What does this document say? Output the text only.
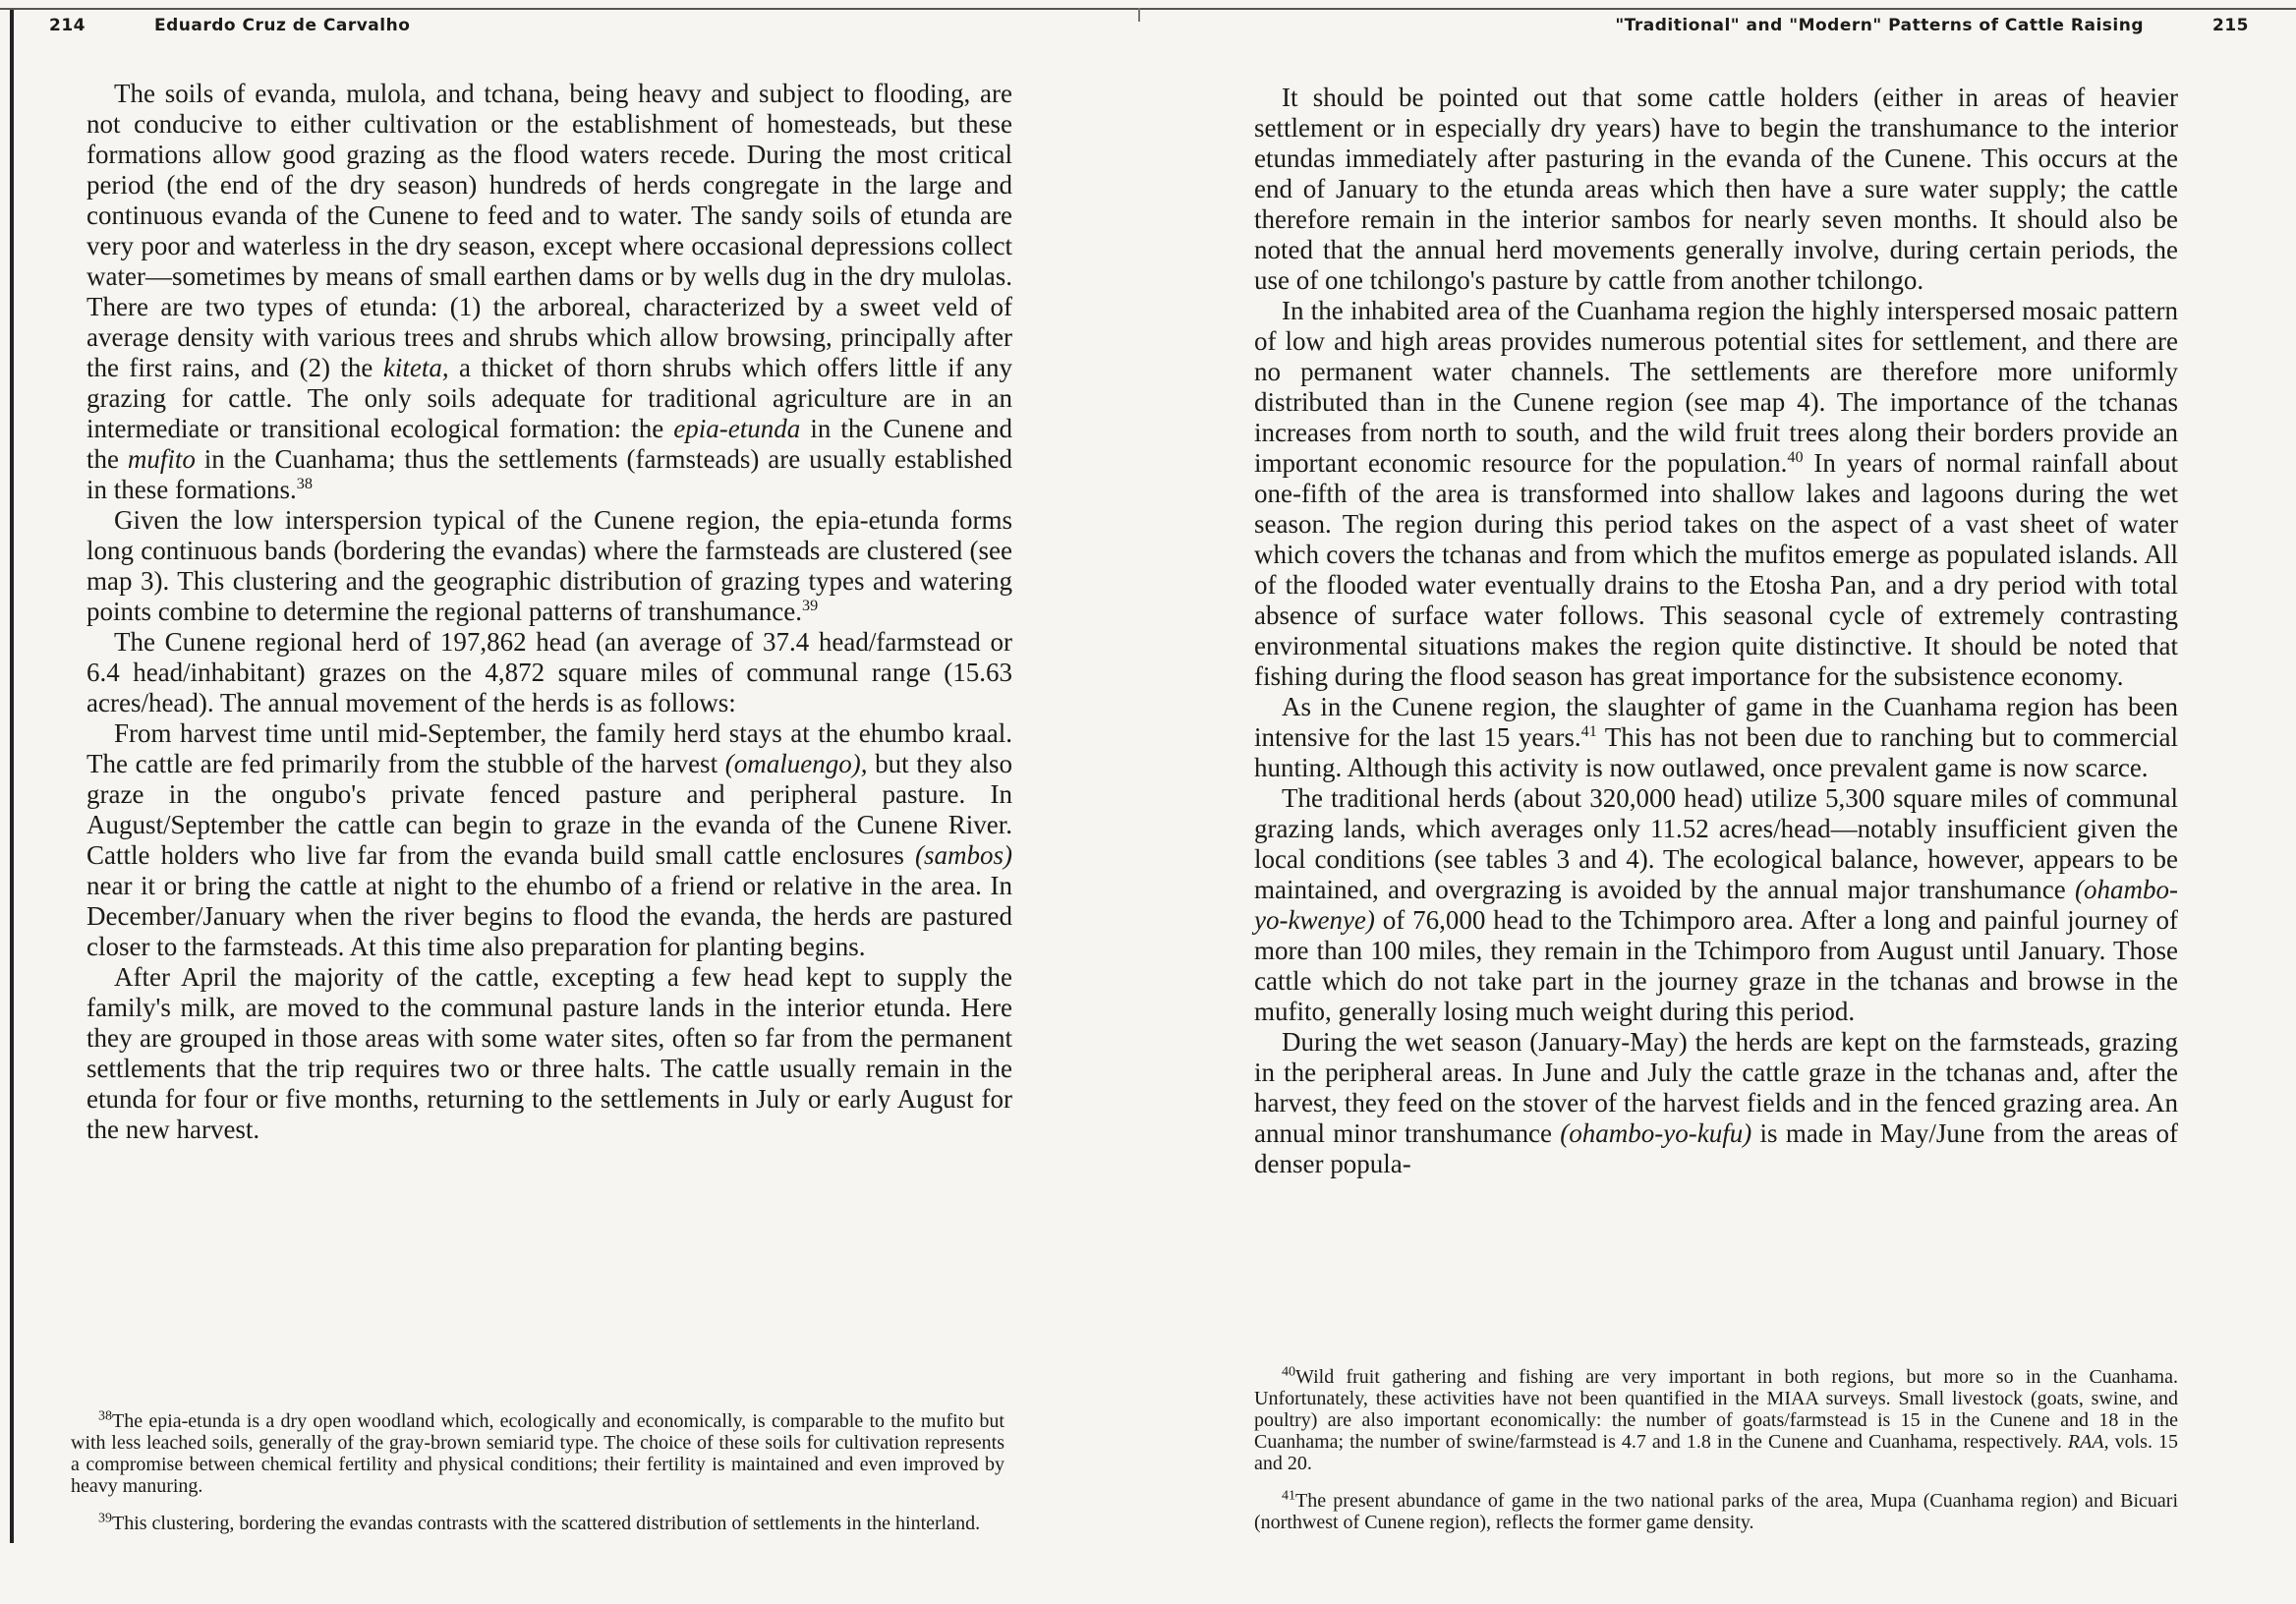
214	Eduardo Cruz de Carvalho

The soils of evanda, mulola, and tchana, being heavy and subject to flooding, are not conducive to either cultivation or the establishment of homesteads, but these formations allow good grazing as the flood waters recede. During the most critical period (the end of the dry season) hundreds of herds congregate in the large and continuous evanda of the Cunene to feed and to water. The sandy soils of etunda are very poor and waterless in the dry season, except where occasional depressions collect water—sometimes by means of small earthen dams or by wells dug in the dry mulolas. There are two types of etunda: (1) the arboreal, characterized by a sweet veld of average density with various trees and shrubs which allow browsing, principally after the first rains, and (2) the kiteta, a thicket of thorn shrubs which offers little if any grazing for cattle. The only soils adequate for traditional agriculture are in an intermediate or transitional ecological formation: the epia-etunda in the Cunene and the mufito in the Cuanhama; thus the settlements (farmsteads) are usually established in these formations.$^{38}$

Given the low interspersion typical of the Cunene region, the epia-etunda forms long continuous bands (bordering the evandas) where the farmsteads are clustered (see map 3). This clustering and the geographic distribution of grazing types and watering points combine to determine the regional patterns of transhumance.$^{39}$

The Cunene regional herd of 197,862 head (an average of 37.4 head/farmstead or 6.4 head/inhabitant) grazes on the 4,872 square miles of communal range (15.63 acres/head). The annual movement of the herds is as follows:

From harvest time until mid-September, the family herd stays at the ehumbo kraal. The cattle are fed primarily from the stubble of the harvest (omaluengo), but they also graze in the ongubo's private fenced pasture and peripheral pasture. In August/September the cattle can begin to graze in the evanda of the Cunene River. Cattle holders who live far from the evanda build small cattle enclosures (sambos) near it or bring the cattle at night to the ehumbo of a friend or relative in the area. In December/January when the river begins to flood the evanda, the herds are pastured closer to the farmsteads. At this time also preparation for planting begins.

After April the majority of the cattle, excepting a few head kept to supply the family's milk, are moved to the communal pasture lands in the interior etunda. Here they are grouped in those areas with some water sites, often so far from the permanent settlements that the trip requires two or three halts. The cattle usually remain in the etunda for four or five months, returning to the settlements in July or early August for the new harvest.

$^{38}$The epia-etunda is a dry open woodland which, ecologically and economically, is comparable to the mufito but with less leached soils, generally of the gray-brown semiarid type. The choice of these soils for cultivation represents a compromise between chemical fertility and physical conditions; their fertility is maintained and even improved by heavy manuring.

$^{39}$This clustering, bordering the evandas contrasts with the scattered distribution of settlements in the hinterland.

"Traditional" and "Modern" Patterns of Cattle Raising	215

It should be pointed out that some cattle holders (either in areas of heavier settlement or in especially dry years) have to begin the transhumance to the interior etundas immediately after pasturing in the evanda of the Cunene. This occurs at the end of January to the etunda areas which then have a sure water supply; the cattle therefore remain in the interior sambos for nearly seven months. It should also be noted that the annual herd movements generally involve, during certain periods, the use of one tchilongo's pasture by cattle from another tchilongo.

In the inhabited area of the Cuanhama region the highly interspersed mosaic pattern of low and high areas provides numerous potential sites for settlement, and there are no permanent water channels. The settlements are therefore more uniformly distributed than in the Cunene region (see map 4). The importance of the tchanas increases from north to south, and the wild fruit trees along their borders provide an important economic resource for the population.$^{40}$ In years of normal rainfall about one-fifth of the area is transformed into shallow lakes and lagoons during the wet season. The region during this period takes on the aspect of a vast sheet of water which covers the tchanas and from which the mufitos emerge as populated islands. All of the flooded water eventually drains to the Etosha Pan, and a dry period with total absence of surface water follows. This seasonal cycle of extremely contrasting environmental situations makes the region quite distinctive. It should be noted that fishing during the flood season has great importance for the subsistence economy.

As in the Cunene region, the slaughter of game in the Cuanhama region has been intensive for the last 15 years.$^{41}$ This has not been due to ranching but to commercial hunting. Although this activity is now outlawed, once prevalent game is now scarce.

The traditional herds (about 320,000 head) utilize 5,300 square miles of communal grazing lands, which averages only 11.52 acres/head—notably insufficient given the local conditions (see tables 3 and 4). The ecological balance, however, appears to be maintained, and overgrazing is avoided by the annual major transhumance (ohambo-yo-kwenye) of 76,000 head to the Tchimporo area. After a long and painful journey of more than 100 miles, they remain in the Tchimporo from August until January. Those cattle which do not take part in the journey graze in the tchanas and browse in the mufito, generally losing much weight during this period.

During the wet season (January-May) the herds are kept on the farmsteads, grazing in the peripheral areas. In June and July the cattle graze in the tchanas and, after the harvest, they feed on the stover of the harvest fields and in the fenced grazing area. An annual minor transhumance (ohambo-yo-kufu) is made in May/June from the areas of denser popula-

$^{40}$Wild fruit gathering and fishing are very important in both regions, but more so in the Cuanhama. Unfortunately, these activities have not been quantified in the MIAA surveys. Small livestock (goats, swine, and poultry) are also important economically: the number of goats/farmstead is 15 in the Cunene and 18 in the Cuanhama; the number of swine/farmstead is 4.7 and 1.8 in the Cunene and Cuanhama, respectively. RAA, vols. 15 and 20.

$^{41}$The present abundance of game in the two national parks of the area, Mupa (Cuanhama region) and Bicuari (northwest of Cunene region), reflects the former game density.
